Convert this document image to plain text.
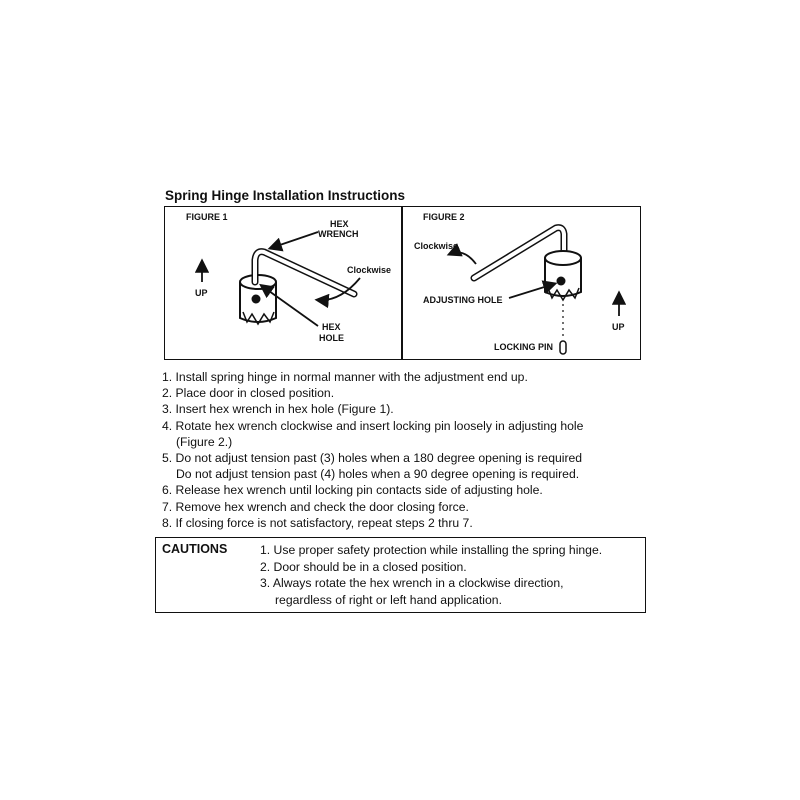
Spring Hinge Installation Instructions
FIGURE 1
UP
HEX
WRENCH
Clockwise
HEX
HOLE
FIGURE 2
Clockwise
ADJUSTING HOLE
UP
LOCKING PIN
1. Install spring hinge in normal manner with the adjustment end up.
2. Place door in closed position.
3. Insert hex wrench in hex hole (Figure 1).
4. Rotate hex wrench clockwise and insert locking pin loosely in adjusting hole
(Figure 2.)
5. Do not adjust tension past (3) holes when a 180 degree opening is required
Do not adjust tension past (4) holes when a 90 degree opening is required.
6. Release hex wrench until locking pin contacts side of adjusting hole.
7. Remove hex wrench and check the door closing force.
8. If closing force is not satisfactory, repeat steps 2 thru 7.
CAUTIONS	1. Use proper safety protection while installing the spring hinge.
2. Door should be in a closed position.
3. Always rotate the hex wrench in a clockwise direction,
regardless of right or left hand application.
